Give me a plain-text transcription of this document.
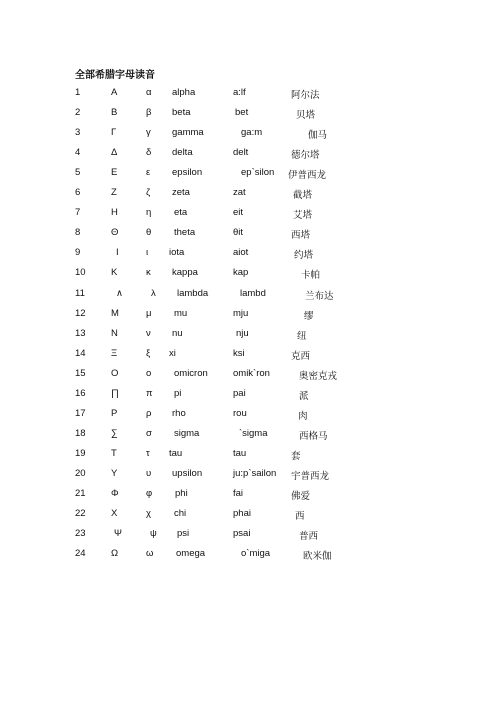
全部希腊字母读音
1	Α	α alpha	a:lf	阿尔法
2	Β	β beta	bet	贝塔
3	Γ	γ gamma	ga:m	伽马
4	Δ	δ delta	delt	德尔塔
5	Ε	ε epsilon	ep`silon 伊普西龙
6	Ζ	ζ zeta	zat	截塔
7	Η	η eta	eit	艾塔
8	Θ	θ theta	θit	西塔
9	Ι	ι iota	aiot	约塔
10	Κ	κ kappa	kap	卡帕
11	∧	λ lambda	lambd	兰布达
12	Μ	μ mu	mju	缪
13	Ν	ν nu	nju	纽
14	Ξ	ξ xi	ksi	克西
15	Ο	ο omicron	omik`ron	奥密克戎
16	∏	π pi	pai	派
17	Ρ	ρ rho	rou	肉
18	∑	σ sigma	`sigma	西格马
19	Τ	τ tau	tau	套
20	Υ	υ upsilon	ju:p`sailon 宇普西龙
21	Φ	φ phi	fai	佛爱
22	Χ	χ chi	phai	西
23	Ψ	ψ psi	psai	普西
24	Ω	ω omega	o`miga	欧米伽
